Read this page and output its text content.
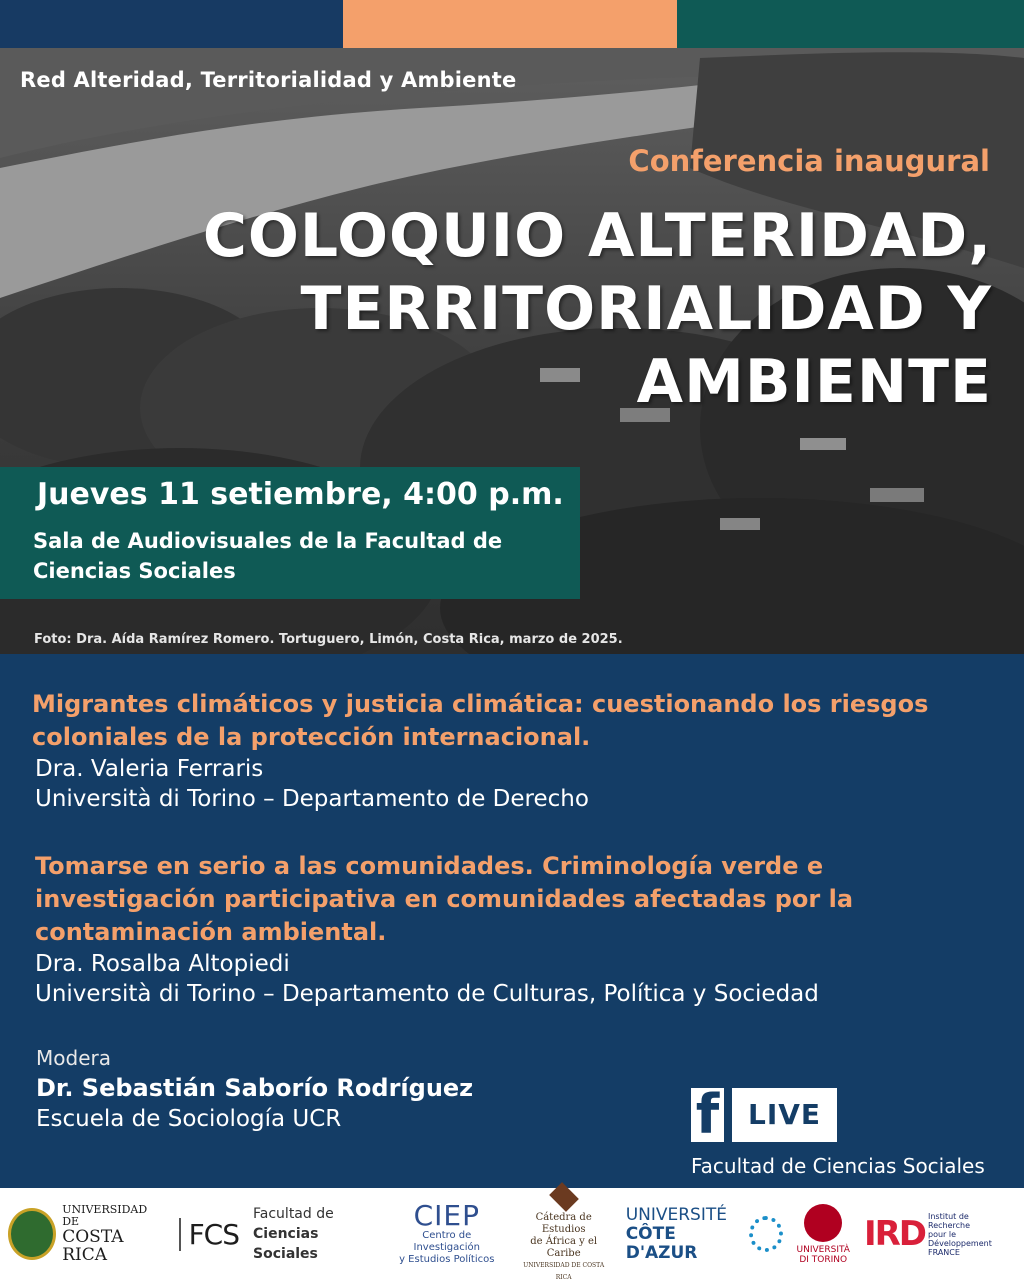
Red Alteridad, Territorialidad y Ambiente
Conferencia inaugural
COLOQUIO ALTERIDAD,
TERRITORIALIDAD Y
AMBIENTE
Jueves 11 setiembre, 4:00 p.m.
Sala de Audiovisuales de la Facultad de Ciencias Sociales
Foto: Dra. Aída Ramírez Romero. Tortuguero, Limón, Costa Rica, marzo de 2025.
Migrantes climáticos y justicia climática: cuestionando los riesgos coloniales de la protección internacional.
Dra. Valeria Ferraris
Università di Torino – Departamento de Derecho
Tomarse en serio a las comunidades. Criminología verde e investigación participativa en comunidades afectadas por la contaminación ambiental.
Dra. Rosalba Altopiedi
Università di Torino – Departamento de Culturas, Política y Sociedad
Modera
Dr. Sebastián Saborío Rodríguez
Escuela de Sociología UCR	f	LIVE
Facultad de Ciencias Sociales
UNIVERSIDAD DE
COSTA RICA
FCS
Facultad de
Ciencias Sociales
CIEP
Centro de Investigación
y Estudios Políticos
Cátedra de Estudios
de África y el Caribe
UNIVERSIDAD DE COSTA RICA
UNIVERSITÉ
CÔTE D'AZUR	UNIVERSITÀ
DI TORINO
IRD Institut de Recherche
pour le Développement
FRANCE
